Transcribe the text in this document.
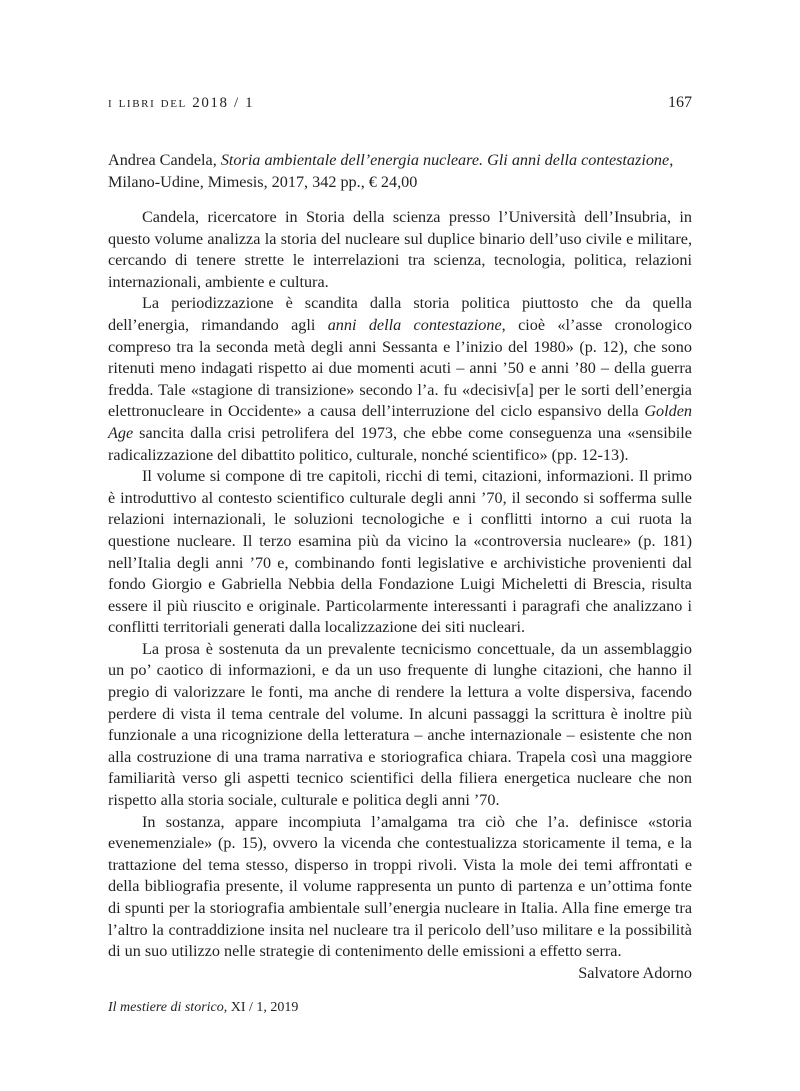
i libri del 2018 / 1	167
Andrea Candela, Storia ambientale dell’energia nucleare. Gli anni della contestazione, Milano-Udine, Mimesis, 2017, 342 pp., € 24,00

Candela, ricercatore in Storia della scienza presso l’Università dell’Insubria, in questo volume analizza la storia del nucleare sul duplice binario dell’uso civile e militare, cercando di tenere strette le interrelazioni tra scienza, tecnologia, politica, relazioni internazionali, ambiente e cultura.

La periodizzazione è scandita dalla storia politica piuttosto che da quella dell’energia, rimandando agli anni della contestazione, cioè «l’asse cronologico compreso tra la seconda metà degli anni Sessanta e l’inizio del 1980» (p. 12), che sono ritenuti meno indagati rispetto ai due momenti acuti – anni ’50 e anni ’80 – della guerra fredda. Tale «stagione di transizione» secondo l’a. fu «decisiv[a] per le sorti dell’energia elettronucleare in Occidente» a causa dell’interruzione del ciclo espansivo della Golden Age sancita dalla crisi petrolifera del 1973, che ebbe come conseguenza una «sensibile radicalizzazione del dibattito politico, culturale, nonché scientifico» (pp. 12-13).

Il volume si compone di tre capitoli, ricchi di temi, citazioni, informazioni. Il primo è introduttivo al contesto scientifico culturale degli anni ’70, il secondo si sofferma sulle relazioni internazionali, le soluzioni tecnologiche e i conflitti intorno a cui ruota la questione nucleare. Il terzo esamina più da vicino la «controversia nucleare» (p. 181) nell’Italia degli anni ’70 e, combinando fonti legislative e archivistiche provenienti dal fondo Giorgio e Gabriella Nebbia della Fondazione Luigi Micheletti di Brescia, risulta essere il più riuscito e originale. Particolarmente interessanti i paragrafi che analizzano i conflitti territoriali generati dalla localizzazione dei siti nucleari.

La prosa è sostenuta da un prevalente tecnicismo concettuale, da un assemblaggio un po’ caotico di informazioni, e da un uso frequente di lunghe citazioni, che hanno il pregio di valorizzare le fonti, ma anche di rendere la lettura a volte dispersiva, facendo perdere di vista il tema centrale del volume. In alcuni passaggi la scrittura è inoltre più funzionale a una ricognizione della letteratura – anche internazionale – esistente che non alla costruzione di una trama narrativa e storiografica chiara. Trapela così una maggiore familiarità verso gli aspetti tecnico scientifici della filiera energetica nucleare che non rispetto alla storia sociale, culturale e politica degli anni ’70.

In sostanza, appare incompiuta l’amalgama tra ciò che l’a. definisce «storia evenemenziale» (p. 15), ovvero la vicenda che contestualizza storicamente il tema, e la trattazione del tema stesso, disperso in troppi rivoli. Vista la mole dei temi affrontati e della bibliografia presente, il volume rappresenta un punto di partenza e un’ottima fonte di spunti per la storiografia ambientale sull’energia nucleare in Italia. Alla fine emerge tra l’altro la contraddizione insita nel nucleare tra il pericolo dell’uso militare e la possibilità di un suo utilizzo nelle strategie di contenimento delle emissioni a effetto serra.

Salvatore Adorno
Il mestiere di storico, XI / 1, 2019
